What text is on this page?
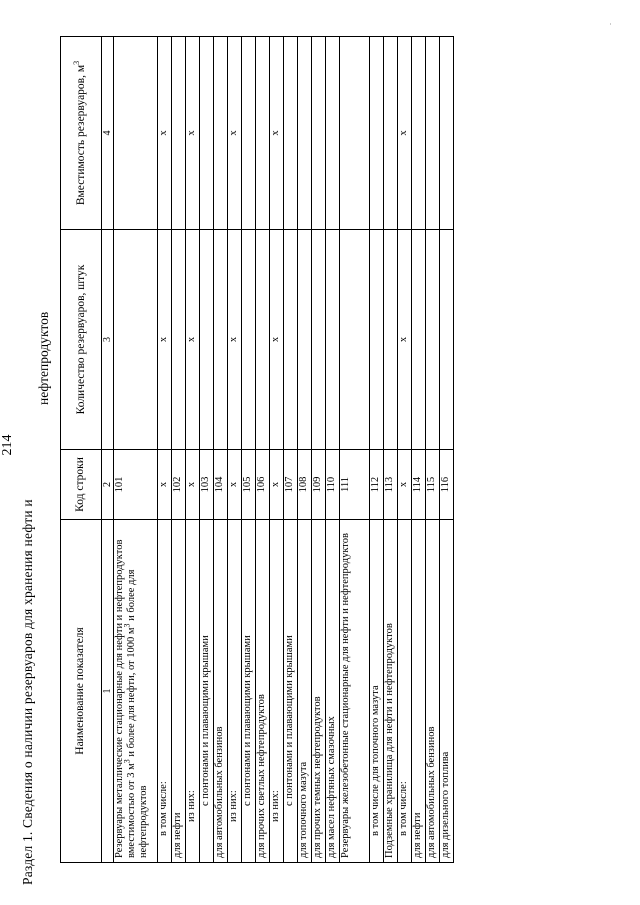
214
Раздел 1. Сведения о наличии резервуаров для хранения нефти и
нефтепродуктов
Наименование показателя	Код строки	Количество резервуаров, штук	Вместимость резервуаров, $м^3$
1	2	3	4
Резервуары металлические стационарные для нефти и нефтепродуктов вместимостью от 3 $м^3$ и более для нефти, от 1000 $м^3$ и более для нефтепродуктов	101		
в том числе:	х	х	х
для нефти	102		
из них:	х	х	х
с понтонами и плавающими крышами	103		
для автомобильных бензинов	104		
из них:	х	х	х
с понтонами и плавающими крышами	105		
для прочих светлых нефтепродуктов	106		
из них:	х	х	х
с понтонами и плавающими крышами	107		
для топочного мазута	108		
для прочих темных нефтепродуктов	109		
для масел нефтяных смазочных	110		
Резервуары железобетонные стационарные для нефти и нефтепродуктов	111		
в том числе для топочного мазута	112		
Подземные хранилища для нефти и нефтепродуктов	113		
в том числе:	х	х	х
для нефти	114		
для автомобильных бензинов	115		
для дизельного топлива	116		
